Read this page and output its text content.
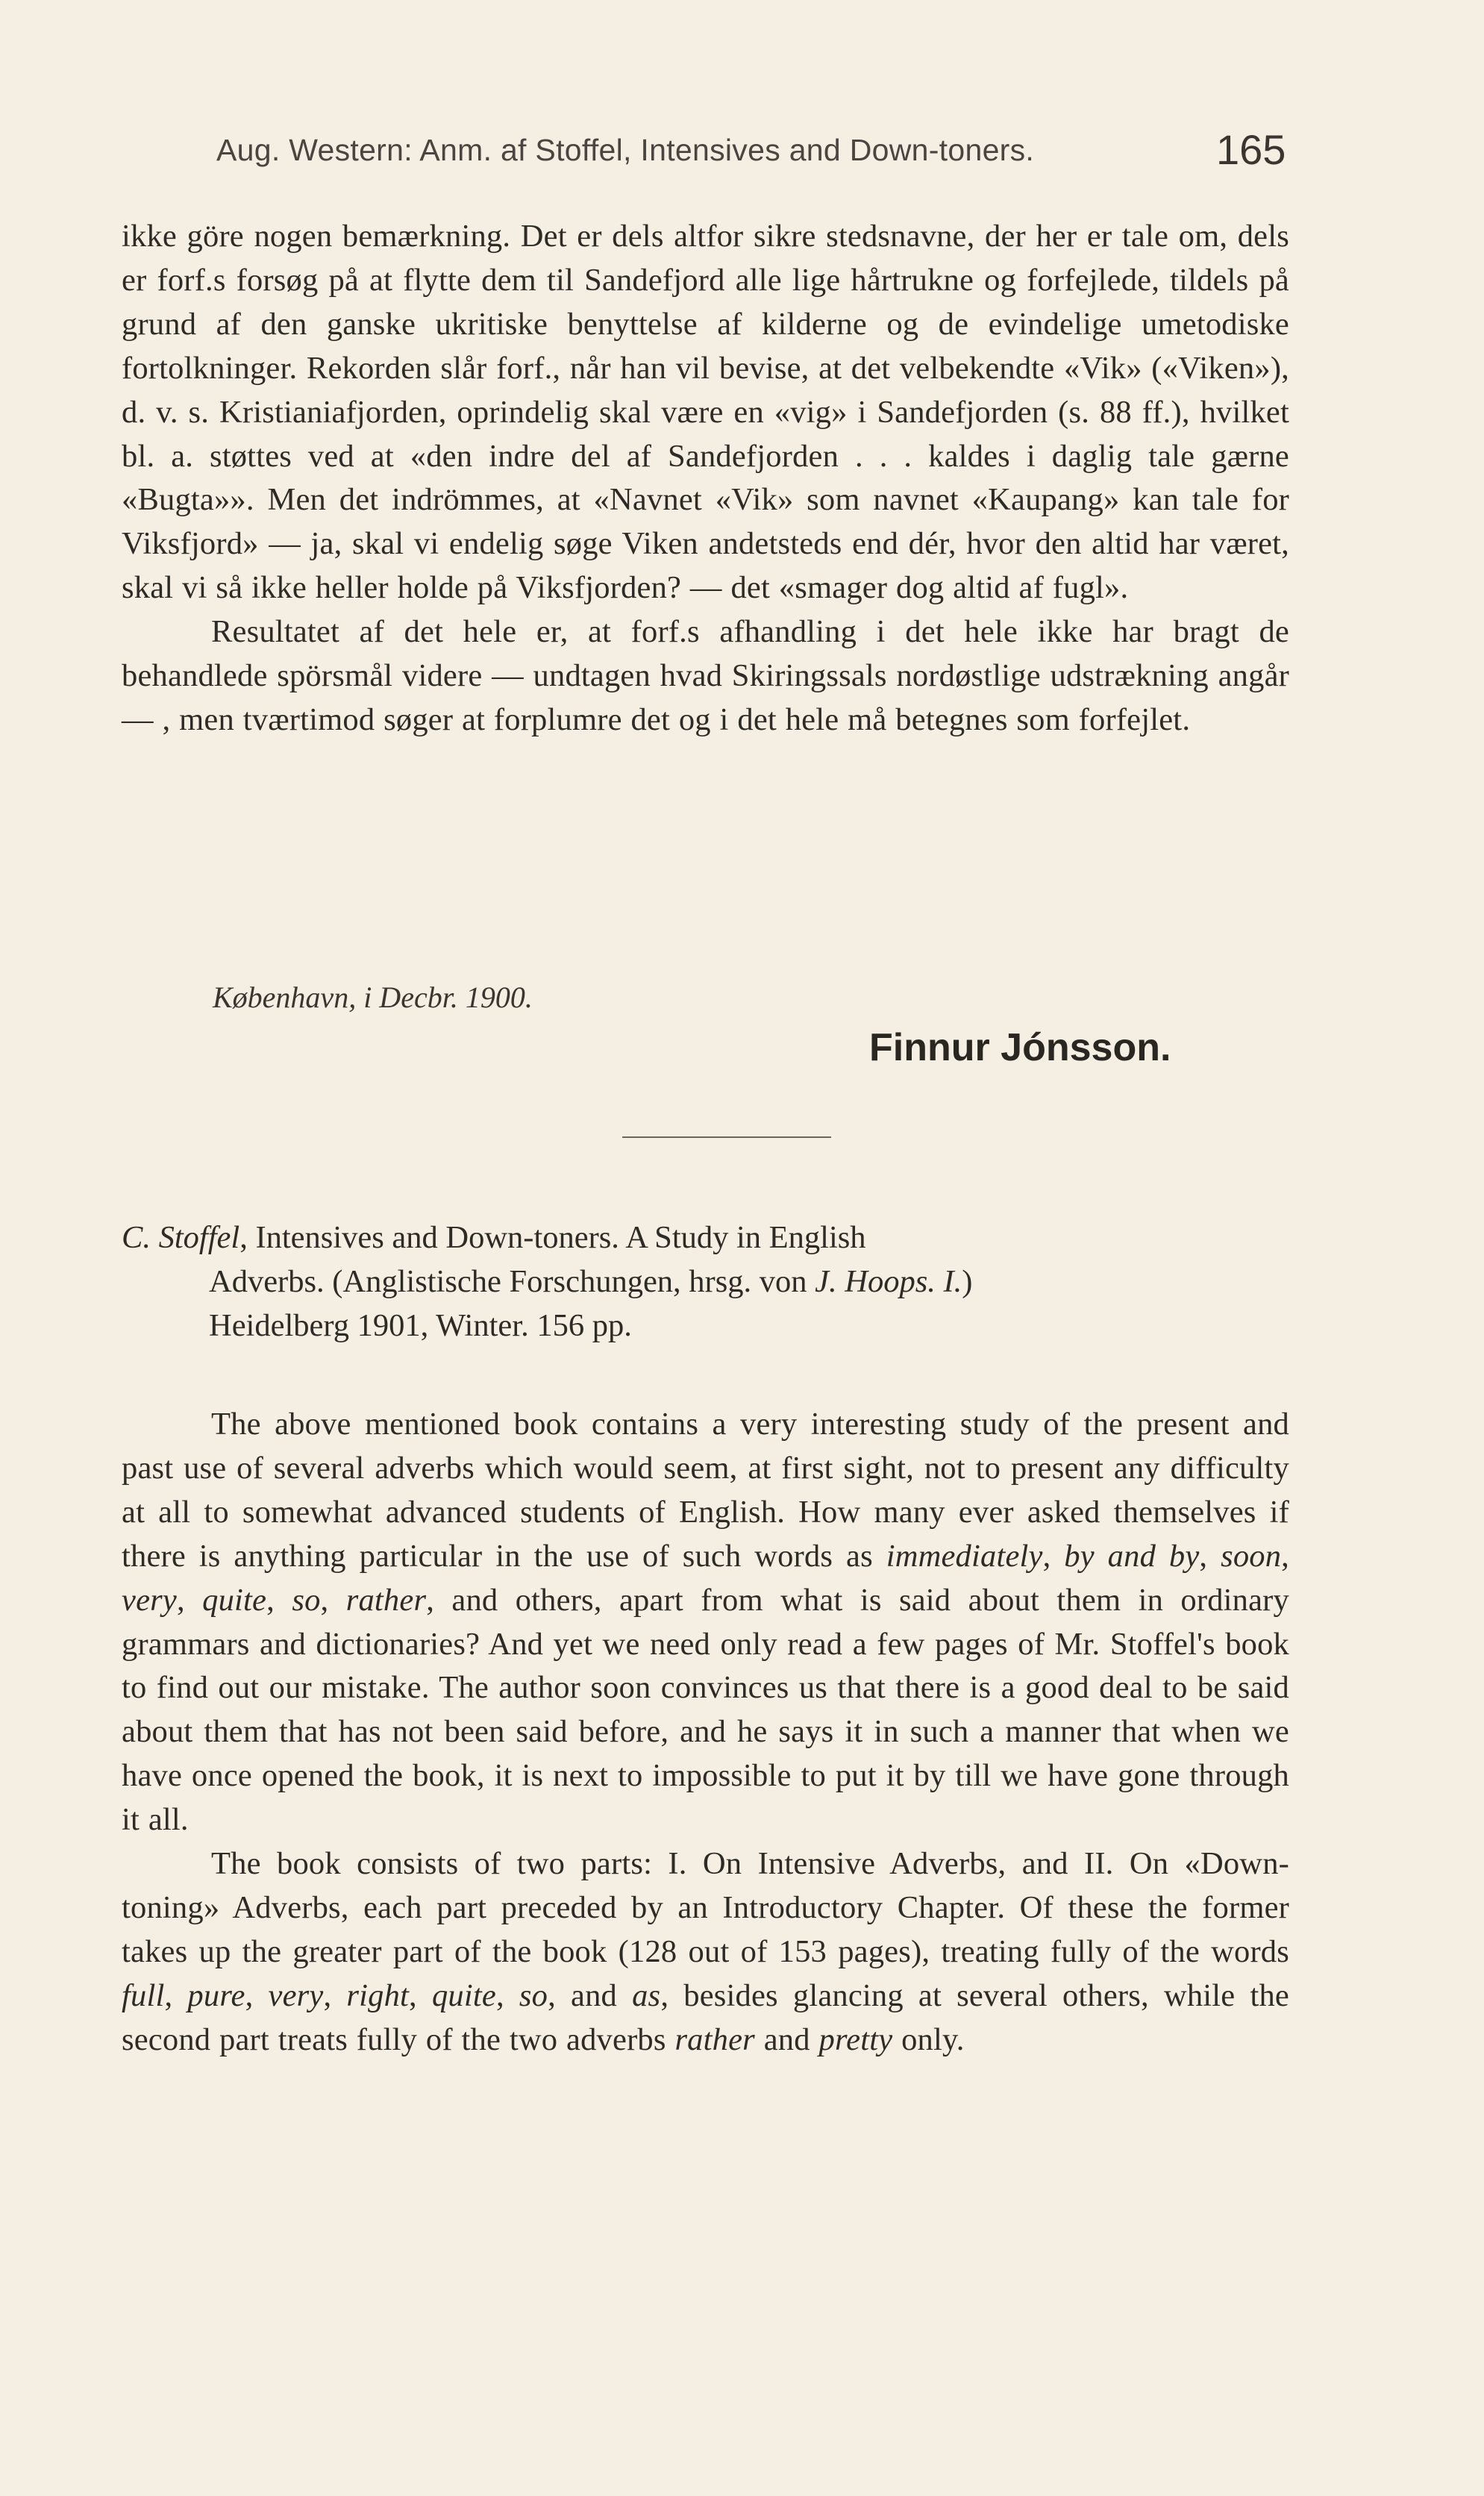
Aug. Western: Anm. af Stoffel, Intensives and Down-toners.	165

ikke göre nogen bemærkning. Det er dels altfor sikre stedsnavne, der her er tale om, dels er forf.s forsøg på at flytte dem til Sandefjord alle lige hårtrukne og forfejlede, tildels på grund af den ganske ukritiske benyttelse af kilderne og de evindelige umetodiske fortolkninger. Rekorden slår forf., når han vil bevise, at det velbekendte «Vik» («Viken»), d. v. s. Kristianiafjorden, oprindelig skal være en «vig» i Sandefjorden (s. 88 ff.), hvilket bl. a. støttes ved at «den indre del af Sandefjorden . . . kaldes i daglig tale gærne «Bugta»». Men det indrömmes, at «Navnet «Vik» som navnet «Kaupang» kan tale for Viksfjord» — ja, skal vi endelig søge Viken andetsteds end dér, hvor den altid har været, skal vi så ikke heller holde på Viksfjorden? — det «smager dog altid af fugl».

Resultatet af det hele er, at forf.s afhandling i det hele ikke har bragt de behandlede spörsmål videre — undtagen hvad Skiringssals nordøstlige udstrækning angår — , men tværtimod søger at forplumre det og i det hele må betegnes som forfejlet.

København, i Decbr. 1900.
Finnur Jónsson.
C. Stoffel, Intensives and Down-toners. A Study in English
Adverbs. (Anglistische Forschungen, hrsg. von J. Hoops. I.)
Heidelberg 1901, Winter. 156 pp.

The above mentioned book contains a very interesting study of the present and past use of several adverbs which would seem, at first sight, not to present any difficulty at all to somewhat advanced students of English. How many ever asked themselves if there is anything particular in the use of such words as immediately, by and by, soon, very, quite, so, rather, and others, apart from what is said about them in ordinary grammars and dictionaries? And yet we need only read a few pages of Mr. Stoffel's book to find out our mistake. The author soon convinces us that there is a good deal to be said about them that has not been said before, and he says it in such a manner that when we have once opened the book, it is next to impossible to put it by till we have gone through it all.

The book consists of two parts: I. On Intensive Adverbs, and II. On «Down-toning» Adverbs, each part preceded by an Introductory Chapter. Of these the former takes up the greater part of the book (128 out of 153 pages), treating fully of the words full, pure, very, right, quite, so, and as, besides glancing at several others, while the second part treats fully of the two adverbs rather and pretty only.
